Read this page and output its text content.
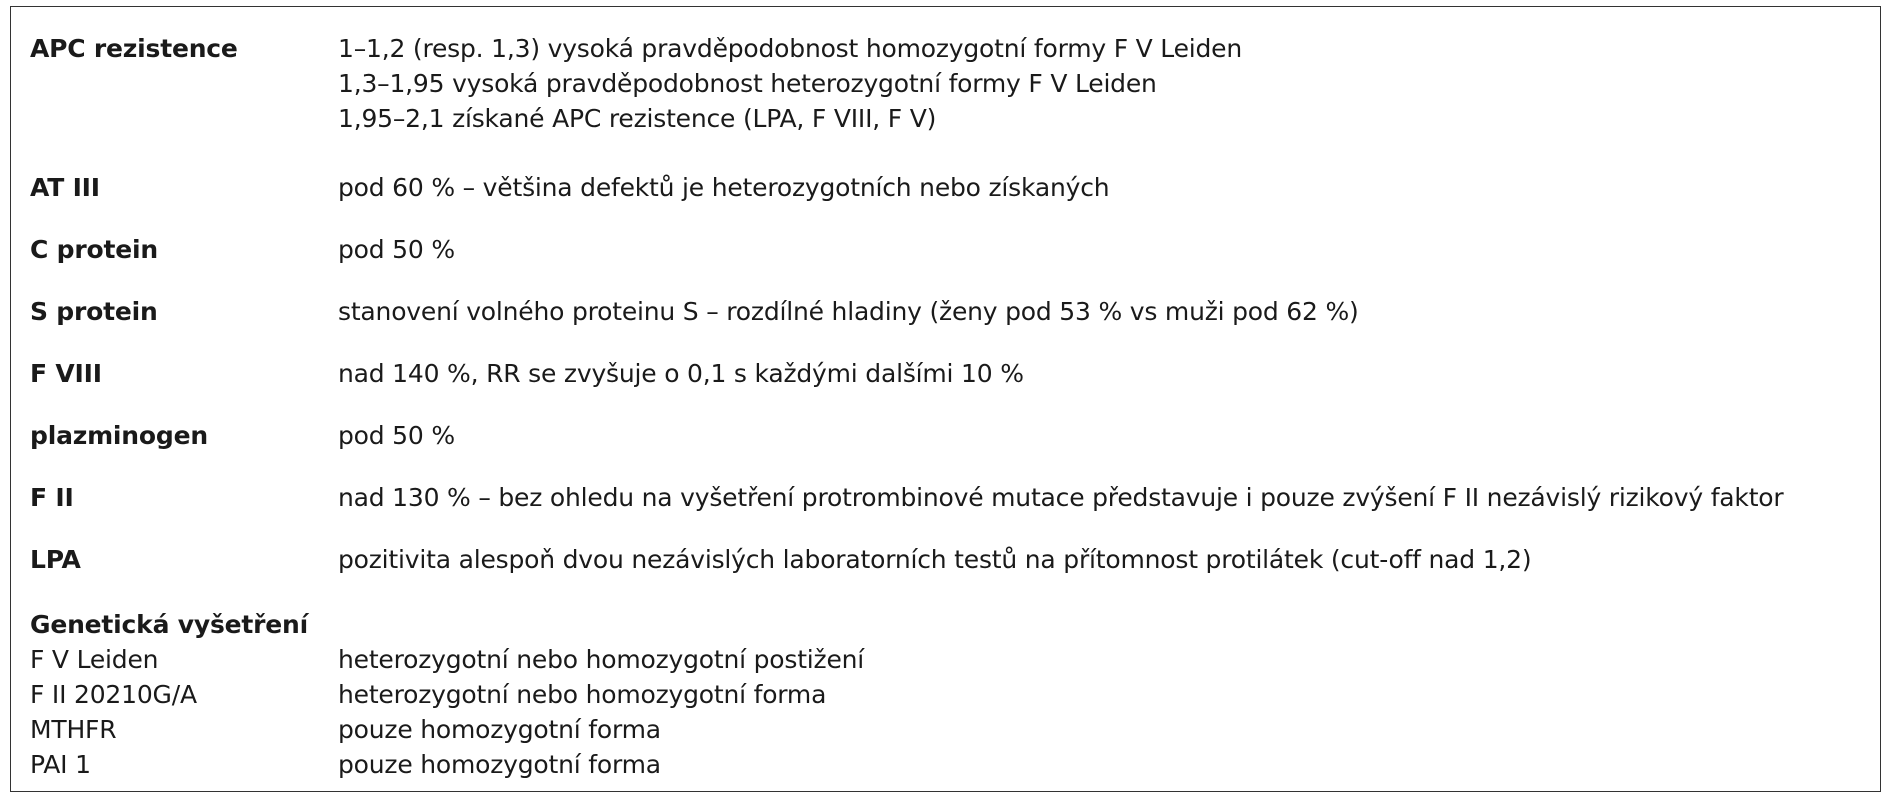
APC rezistence	1–1,2 (resp. 1,3) vysoká pravděpodobnost homozygotní formy F V Leiden
1,3–1,95 vysoká pravděpodobnost heterozygotní formy F V Leiden
1,95–2,1 získané APC rezistence (LPA, F VIII, F V)
AT III	pod 60 % – většina defektů je heterozygotních nebo získaných
C protein	pod 50 %
S protein	stanovení volného proteinu S – rozdílné hladiny (ženy pod 53 % vs muži pod 62 %)
F VIII	nad 140 %, RR se zvyšuje o 0,1 s každými dalšími 10 %
plazminogen	pod 50 %
F II	nad 130 % – bez ohledu na vyšetření protrombinové mutace představuje i pouze zvýšení F II nezávislý rizikový faktor
LPA	pozitivita alespoň dvou nezávislých laboratorních testů na přítomnost protilátek (cut-off nad 1,2)
Genetická vyšetření
F V Leiden	heterozygotní nebo homozygotní postižení
F II 20210G/A	heterozygotní nebo homozygotní forma
MTHFR	pouze homozygotní forma
PAI 1	pouze homozygotní forma
